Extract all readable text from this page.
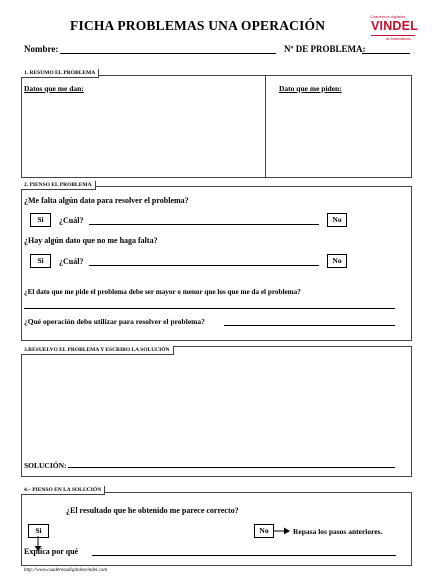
FICHA PROBLEMAS UNA OPERACIÓN
Cuadernos digitales
VINDEL
de Matemáticas
Nombre:	Nº DE PROBLEMA:
Datos que me dan:	Dato que me piden:
1. RESUMO EL PROBLEMA
2. PIENSO EL PROBLEMA
¿Me falta algún dato para resolver el problema?
Si	¿Cuál?	No
¿Hay algún dato que no me haga falta?
Si	¿Cuál?	No
¿El dato que me pide el problema debe ser mayor o menor que los que me da el problema?
¿Qué operación debo utilizar para resolver el problema?
3.RESUELVO EL PROBLEMA Y ESCRIBO LA SOLUCIÓN
SOLUCIÓN:
4.– PIENSO EN LA SOLUCIÓN
¿El resultado que he obtenido me parece correcto?
Si	No	Repasa los pasos anteriores.
Explica por qué
http://www.cuadernosdigitalesvindel.com
